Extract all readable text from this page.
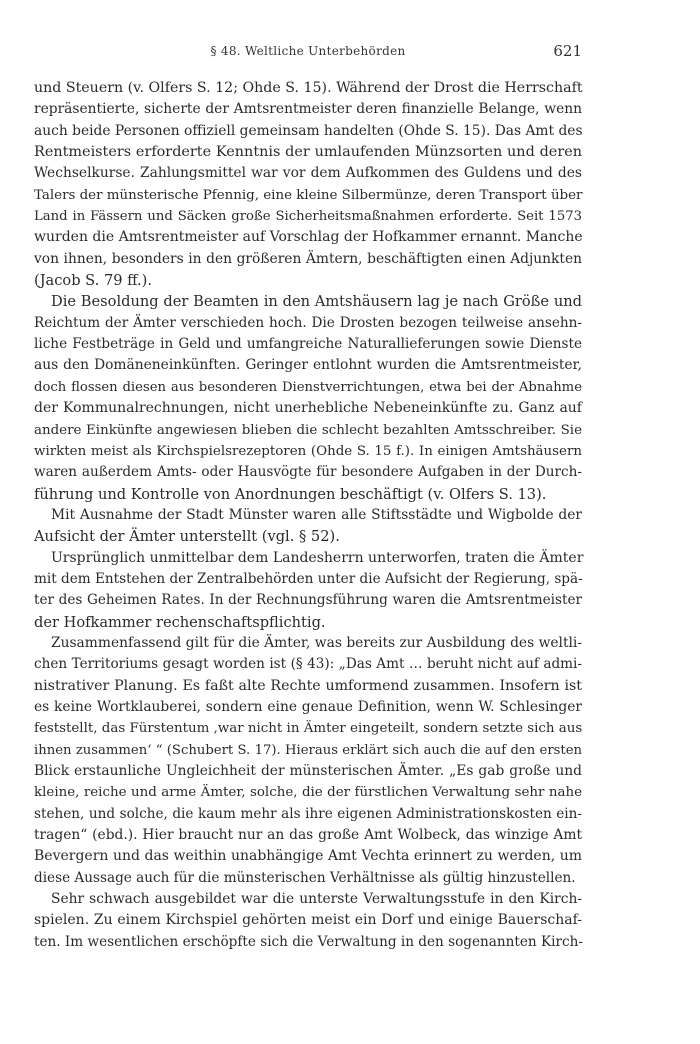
§ 48. Weltliche Unterbehörden	621
und Steuern (v. Olfers S. 12; Ohde S. 15). Während der Drost die Herrschaft
repräsentierte, sicherte der Amtsrentmeister deren finanzielle Belange, wenn
auch beide Personen offiziell gemeinsam handelten (Ohde S. 15). Das Amt des
Rentmeisters erforderte Kenntnis der umlaufenden Münzsorten und deren
Wechselkurse. Zahlungsmittel war vor dem Aufkommen des Guldens und des
Talers der münsterische Pfennig, eine kleine Silbermünze, deren Transport über
Land in Fässern und Säcken große Sicherheitsmaßnahmen erforderte. Seit 1573
wurden die Amtsrentmeister auf Vorschlag der Hofkammer ernannt. Manche
von ihnen, besonders in den größeren Ämtern, beschäftigten einen Adjunkten
(Jacob S. 79 ff.).
Die Besoldung der Beamten in den Amtshäusern lag je nach Größe und
Reichtum der Ämter verschieden hoch. Die Drosten bezogen teilweise ansehn-
liche Festbeträge in Geld und umfangreiche Naturallieferungen sowie Dienste
aus den Domäneneinkünften. Geringer entlohnt wurden die Amtsrentmeister,
doch flossen diesen aus besonderen Dienstverrichtungen, etwa bei der Abnahme
der Kommunalrechnungen, nicht unerhebliche Nebeneinkünfte zu. Ganz auf
andere Einkünfte angewiesen blieben die schlecht bezahlten Amtsschreiber. Sie
wirkten meist als Kirchspielsrezeptoren (Ohde S. 15 f.). In einigen Amtshäusern
waren außerdem Amts- oder Hausvögte für besondere Aufgaben in der Durch-
führung und Kontrolle von Anordnungen beschäftigt (v. Olfers S. 13).
Mit Ausnahme der Stadt Münster waren alle Stiftsstädte und Wigbolde der
Aufsicht der Ämter unterstellt (vgl. § 52).
Ursprünglich unmittelbar dem Landesherrn unterworfen, traten die Ämter
mit dem Entstehen der Zentralbehörden unter die Aufsicht der Regierung, spä-
ter des Geheimen Rates. In der Rechnungsführung waren die Amtsrentmeister
der Hofkammer rechenschaftspflichtig.
Zusammenfassend gilt für die Ämter, was bereits zur Ausbildung des weltli-
chen Territoriums gesagt worden ist (§ 43): „Das Amt … beruht nicht auf admi-
nistrativer Planung. Es faßt alte Rechte umformend zusammen. Insofern ist
es keine Wortklauberei, sondern eine genaue Definition, wenn W. Schlesinger
feststellt, das Fürstentum ‚war nicht in Ämter eingeteilt, sondern setzte sich aus
ihnen zusammen‘ “ (Schubert S. 17). Hieraus erklärt sich auch die auf den ersten
Blick erstaunliche Ungleichheit der münsterischen Ämter. „Es gab große und
kleine, reiche und arme Ämter, solche, die der fürstlichen Verwaltung sehr nahe
stehen, und solche, die kaum mehr als ihre eigenen Administrationskosten ein-
tragen“ (ebd.). Hier braucht nur an das große Amt Wolbeck, das winzige Amt
Bevergern und das weithin unabhängige Amt Vechta erinnert zu werden, um
diese Aussage auch für die münsterischen Verhältnisse als gültig hinzustellen.
Sehr schwach ausgebildet war die unterste Verwaltungsstufe in den Kirch-
spielen. Zu einem Kirchspiel gehörten meist ein Dorf und einige Bauerschaf-
ten. Im wesentlichen erschöpfte sich die Verwaltung in den sogenannten Kirch-
